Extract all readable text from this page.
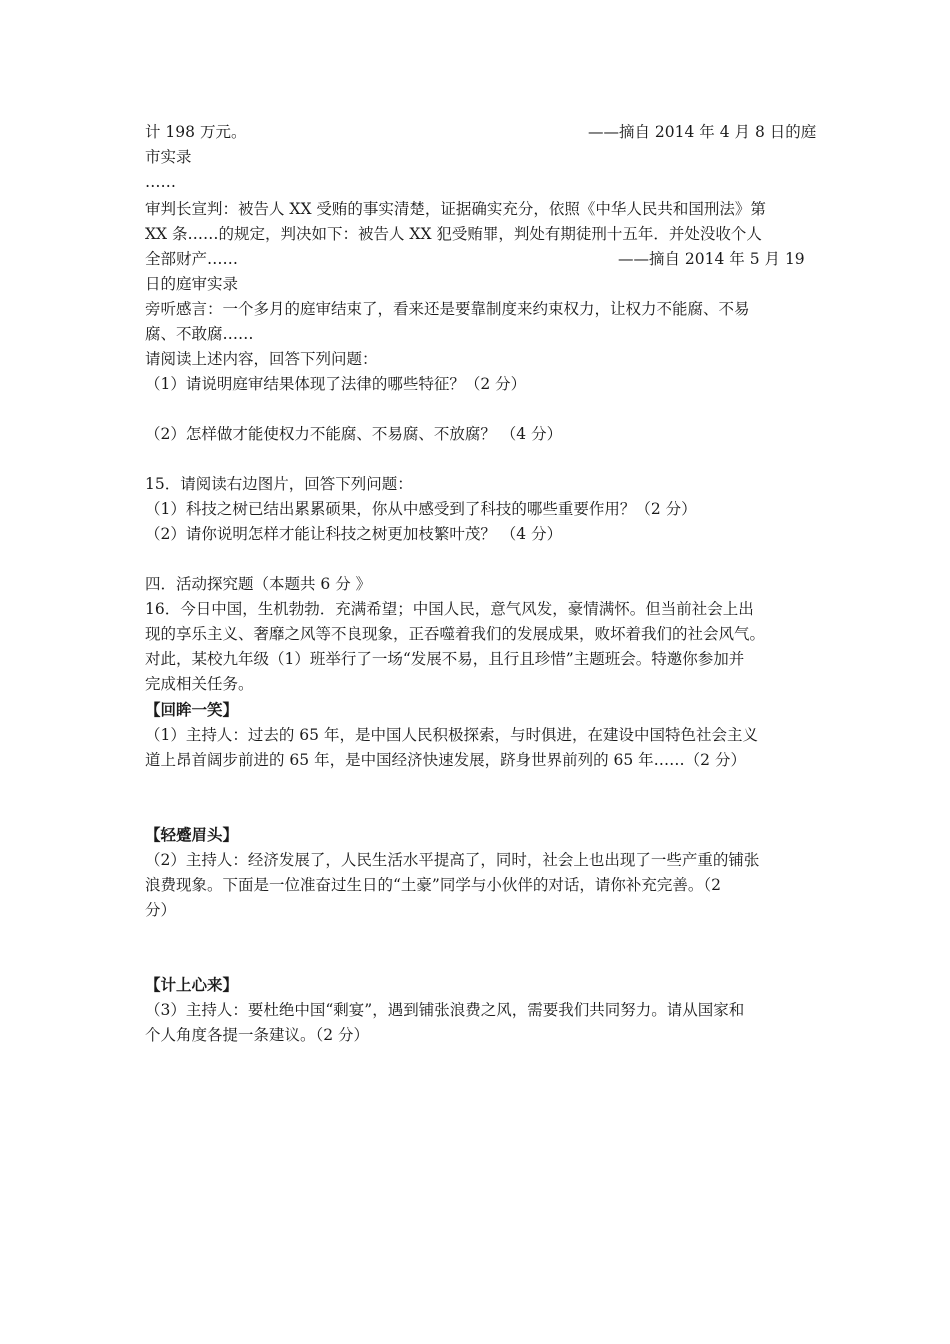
计 198 万元。	——摘自 2014 年 4 月 8 日的庭
市实录
……
审判长宣判：被告人 XX 受贿的事实清楚，证据确实充分，依照《中华人民共和国刑法》第
XX 条……的规定，判决如下：被告人 XX 犯受贿罪，判处有期徒刑十五年．并处没收个人
全部财产……	——摘自 2014 年 5 月 19
日的庭审实录
旁听感言：一个多月的庭审结束了，看来还是要靠制度来约束权力，让权力不能腐、不易
腐、不敢腐……
请阅读上述内容，回答下列问题：
（1）请说明庭审结果体现了法律的哪些特征？（2 分）
（2）怎样做才能使权力不能腐、不易腐、不放腐？ （4 分）
15．请阅读右边图片，回答下列问题：
（1）科技之树已结出累累硕果，你从中感受到了科技的哪些重要作用？（2 分）
（2）请你说明怎样才能让科技之树更加枝繁叶茂？ （4 分）
四．活动探究题（本题共 6 分 》
16．今日中国，生机勃勃．充满希望；中国人民，意气风发，豪情满怀。但当前社会上出
现的享乐主义、奢靡之风等不良现象，正吞噬着我们的发展成果，败坏着我们的社会风气。
对此，某校九年级（1）班举行了一场“发展不易，且行且珍惜”主题班会。特邀你参加并
完成相关任务。
【回眸一笑】
（1）主持人：过去的 65 年，是中国人民积极探索，与时俱进，在建设中国特色社会主义
道上昂首阔步前进的 65 年，是中国经济快速发展，跻身世界前列的 65 年……（2 分）
【轻蹙眉头】
（2）主持人：经济发展了，人民生活水平提高了，同时，社会上也出现了一些产重的铺张
浪费现象。下面是一位准奋过生日的“土豪”同学与小伙伴的对话，请你补充完善。（2
分）
【计上心来】
（3）主持人：要杜绝中国“剩宴”，遇到铺张浪费之风，需要我们共同努力。请从国家和
个人角度各提一条建议。（2 分）
